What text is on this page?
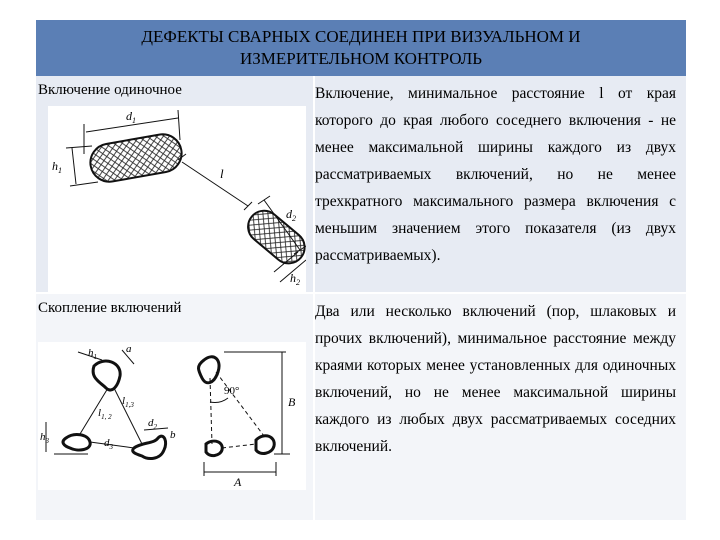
ДЕФЕКТЫ СВАРНЫХ СОЕДИНЕН ПРИ ВИЗУАЛЬНОМ И ИЗМЕРИТЕЛЬНОМ КОНТРОЛЬ
Включение одиночное
$d_1$
$h_1$	l
$d_2$
$h_2$
Включение, минимальное расстояние l от края которого до края любого соседнего включения - не менее максимальной ширины каждого из двух рассматриваемых включений, но не менее трехкратного максимального размера включения с меньшим значением этого показателя (из двух рассматриваемых).
Скопление включений
$h_1$
a
$h_3$	$d_3$
$l_{1, 2}$
$l_{1,3}$
$d_2$
b
90°
B
A
Два или несколько включений (пор, шлаковых и прочих включений), минимальное расстояние между краями которых менее установленных для одиночных включений, но не менее максимальной ширины каждого из любых двух рассматриваемых соседних включений.
